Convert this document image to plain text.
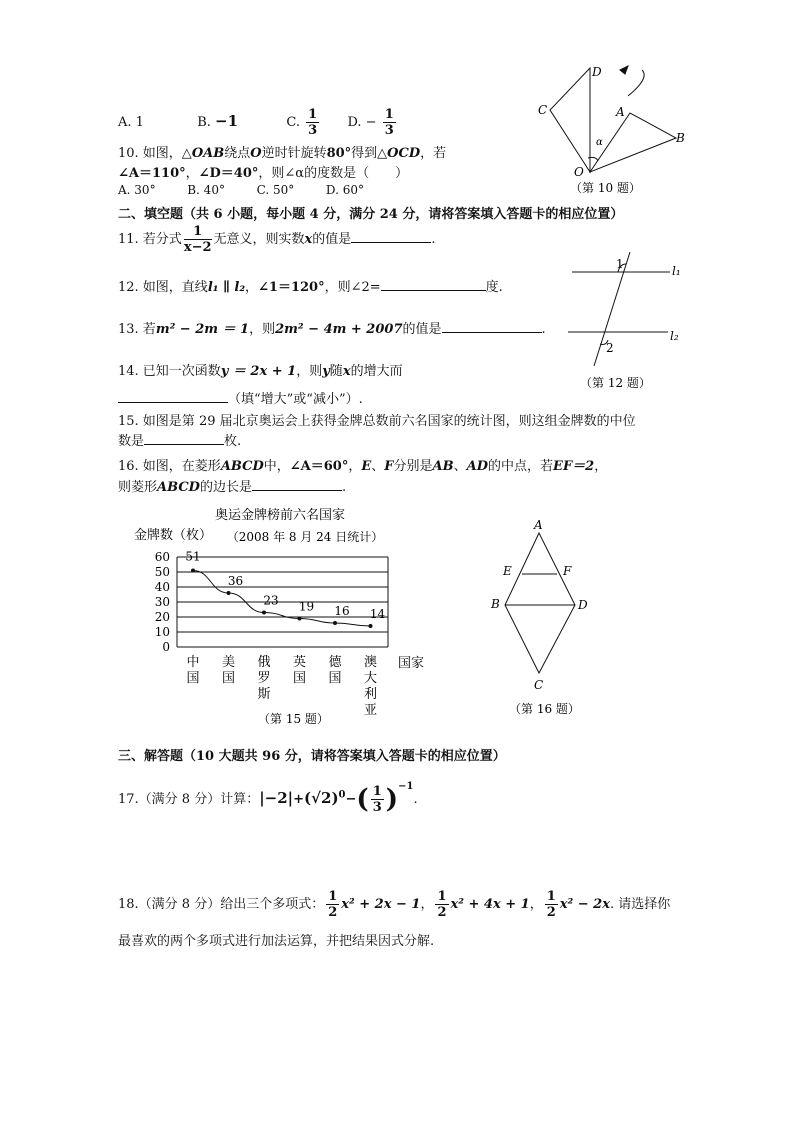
A. 1	B. −1	C. $\frac{1}{3} D$. − $\frac{1}{3}$
10. 如图，△OAB绕点O逆时针旋转80°得到△OCD，若
∠A＝110°，∠D＝40°，则∠α的度数是（　　）
A. 30°	B. 40°	C. 50°	D. 60°
D
C	A
B
O
α
（第 10 题）
二、填空题（共 6 小题，每小题 4 分，满分 24 分，请将答案填入答题卡的相应位置）
11. 若分式 $\frac{1}{x-2}$ 无意义，则实数x的值是	.
12. 如图，直线l₁ ∥ l₂，∠1＝120°，则∠2=	度.
1
2
l₁
l₂
（第 12 题）
13. 若m² − 2m ＝ 1，则2m² − 4m + 2007的值是	.
14. 已知一次函数y ＝ 2x + 1，则y随x的增大而
（填“增大”或“减小”）.
15. 如图是第 29 届北京奥运会上获得金牌总数前六名国家的统计图，则这组金牌数的中位
数是	枚.
16. 如图，在菱形ABCD中，∠A＝60°，E、F分别是AB、AD的中点，若EF＝2，
则菱形ABCD的边长是	.
奥运金牌榜前六名国家
（2008 年 8 月 24 日统计）
金牌数（枚）
0
10
20
30
40
50
60
中国
美国
俄罗斯
英国
德国
澳大利亚
51
36
23 19 16 14
国家
（第 15 题）
A
E	F
B	D
C
（第 16 题）
三、解答题（10 大题共 96 分，请将答案填入答题卡的相应位置）
17.（满分 8 分）计算：$|-2|+(√2)^0-( \frac{1}{3} )^{-1}$.
18.（满分 8 分）给出三个多项式： $\frac{1}{2} x^2 + 2x - 1$， $\frac{1}{2} x^2 + 4x + 1$， $\frac{1}{2} x^2 - 2x$. 请选择你
最喜欢的两个多项式进行加法运算，并把结果因式分解.
